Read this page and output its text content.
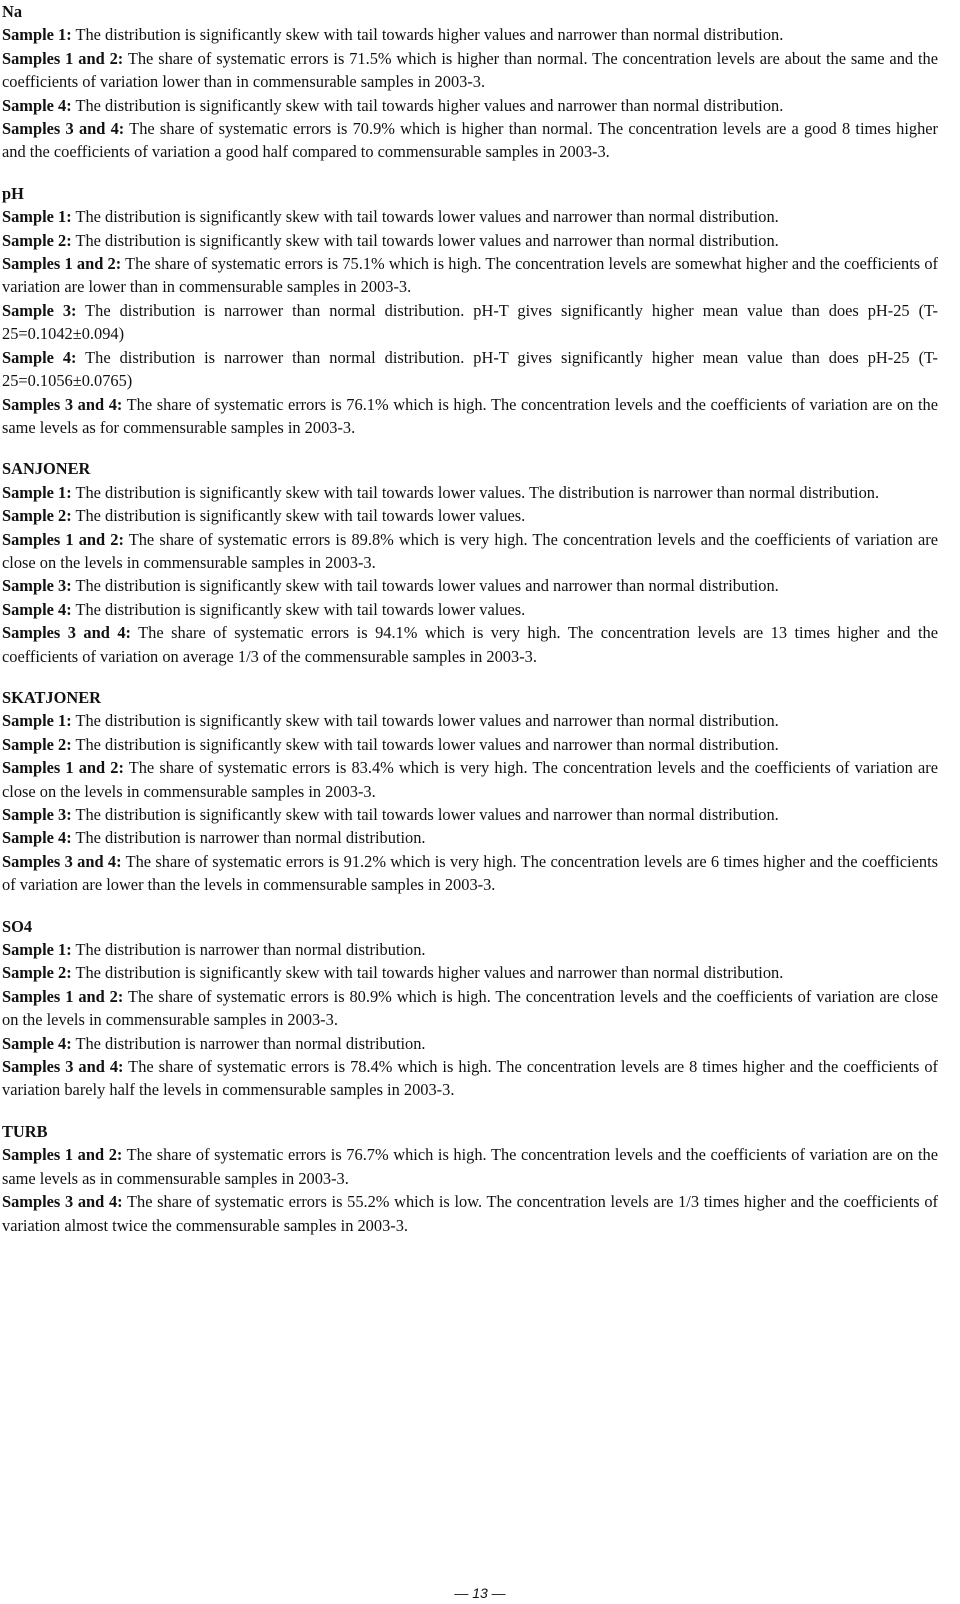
Na

Sample 1: The distribution is significantly skew with tail towards higher values and narrower than normal distribution.

Samples 1 and 2: The share of systematic errors is 71.5% which is higher than normal. The concentration levels are about the same and the coefficients of variation lower than in commensurable samples in 2003-3.

Sample 4: The distribution is significantly skew with tail towards higher values and narrower than normal distribution.

Samples 3 and 4: The share of systematic errors is 70.9% which is higher than normal. The concentration levels are a good 8 times higher and the coefficients of variation a good half compared to commensurable samples in 2003-3.

pH

Sample 1: The distribution is significantly skew with tail towards lower values and narrower than normal distribution.

Sample 2: The distribution is significantly skew with tail towards lower values and narrower than normal distribution.

Samples 1 and 2: The share of systematic errors is 75.1% which is high. The concentration levels are somewhat higher and the coefficients of variation are lower than in commensurable samples in 2003-3.

Sample 3: The distribution is narrower than normal distribution. pH-T gives significantly higher mean value than does pH-25 (T-25=0.1042±0.094)

Sample 4: The distribution is narrower than normal distribution. pH-T gives significantly higher mean value than does pH-25 (T-25=0.1056±0.0765)

Samples 3 and 4: The share of systematic errors is 76.1% which is high. The concentration levels and the coefficients of variation are on the same levels as for commensurable samples in 2003-3.

SANJONER

Sample 1: The distribution is significantly skew with tail towards lower values. The distribution is narrower than normal distribution.

Sample 2: The distribution is significantly skew with tail towards lower values.

Samples 1 and 2: The share of systematic errors is 89.8% which is very high. The concentration levels and the coefficients of variation are close on the levels in commensurable samples in 2003-3.

Sample 3: The distribution is significantly skew with tail towards lower values and narrower than normal distribution.

Sample 4: The distribution is significantly skew with tail towards lower values.

Samples 3 and 4: The share of systematic errors is 94.1% which is very high. The concentration levels are 13 times higher and the coefficients of variation on average 1/3 of the commensurable samples in 2003-3.

SKATJONER

Sample 1: The distribution is significantly skew with tail towards lower values and narrower than normal distribution.

Sample 2: The distribution is significantly skew with tail towards lower values and narrower than normal distribution.

Samples 1 and 2: The share of systematic errors is 83.4% which is very high. The concentration levels and the coefficients of variation are close on the levels in commensurable samples in 2003-3.

Sample 3: The distribution is significantly skew with tail towards lower values and narrower than normal distribution.

Sample 4: The distribution is narrower than normal distribution.

Samples 3 and 4: The share of systematic errors is 91.2% which is very high. The concentration levels are 6 times higher and the coefficients of variation are lower than the levels in commensurable samples in 2003-3.

SO4

Sample 1: The distribution is narrower than normal distribution.

Sample 2: The distribution is significantly skew with tail towards higher values and narrower than normal distribution.

Samples 1 and 2: The share of systematic errors is 80.9% which is high. The concentration levels and the coefficients of variation are close on the levels in commensurable samples in 2003-3.

Sample 4: The distribution is narrower than normal distribution.

Samples 3 and 4: The share of systematic errors is 78.4% which is high. The concentration levels are 8 times higher and the coefficients of variation barely half the levels in commensurable samples in 2003-3.

TURB

Samples 1 and 2: The share of systematic errors is 76.7% which is high. The concentration levels and the coefficients of variation are on the same levels as in commensurable samples in 2003-3.

Samples 3 and 4: The share of systematic errors is 55.2% which is low. The concentration levels are 1/3 times higher and the coefficients of variation almost twice the commensurable samples in 2003-3.

— 13 —
